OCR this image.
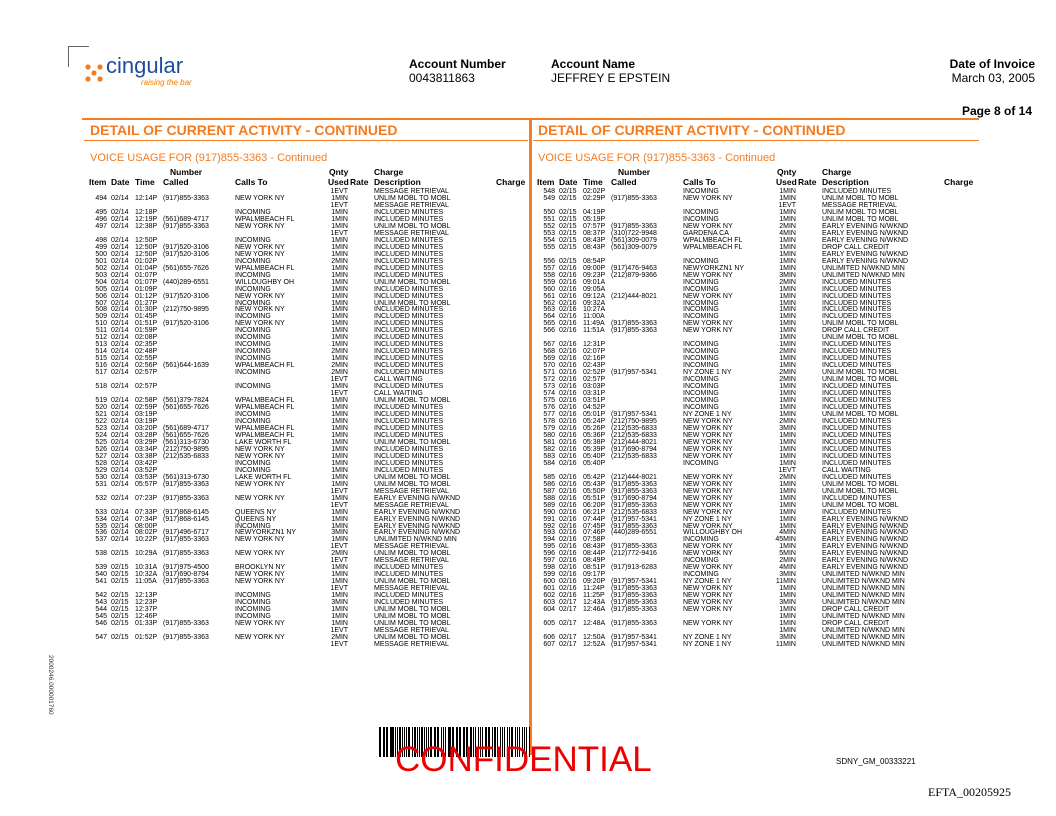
cingular
raising the bar
Account Number
0043811863
Account Name
JEFFREY E EPSTEIN
Date of Invoice
March 03, 2005
Page 8 of 14
DETAIL OF CURRENT ACTIVITY - CONTINUED	DETAIL OF CURRENT ACTIVITY - CONTINUED
VOICE USAGE FOR (917)855-3363 - Continued	VOICE USAGE FOR (917)855-3363 - Continued
Number	Qnty	Charge
Item Date Time Called	Calls To	Used Rate Description	Charge
Number	Qnty	Charge
Item Date Time Called	Calls To	Used Rate Description	Charge
1EVT	MESSAGE RETRIEVAL
494 02/14 12:14P (917)855-3363	NEW YORK NY	1MIN	UNLIM MOBL TO MOBL
1EVT	MESSAGE RETRIEVAL
495 02/14 12:18P	INCOMING	1MIN	INCLUDED MINUTES
496 02/14 12:19P (561)689-4717	WPALMBEACH FL	1MIN	INCLUDED MINUTES
497 02/14 12:38P (917)855-3363	NEW YORK NY	1MIN	UNLIM MOBL TO MOBL
1EVT	MESSAGE RETRIEVAL
498 02/14 12:50P	INCOMING	1MIN	INCLUDED MINUTES
499 02/14 12:50P (917)520-3106	NEW YORK NY	1MIN	INCLUDED MINUTES
500 02/14 12:50P (917)520-3106	NEW YORK NY	1MIN	INCLUDED MINUTES
501 02/14 01:02P	INCOMING	2MIN	INCLUDED MINUTES
502 02/14 01:04P (561)655-7626	WPALMBEACH FL	1MIN	INCLUDED MINUTES
503 02/14 01:07P	INCOMING	1MIN	INCLUDED MINUTES
504 02/14 01:07P (440)289-6551	WILLOUGHBY OH	1MIN	UNLIM MOBL TO MOBL
505 02/14 01:09P	INCOMING	1MIN	INCLUDED MINUTES
506 02/14 01:12P (917)520-3106	NEW YORK NY	1MIN	INCLUDED MINUTES
507 02/14 01:27P	INCOMING	1MIN	UNLIM MOBL TO MOBL
508 02/14 01:30P (212)750-9895	NEW YORK NY	1MIN	INCLUDED MINUTES
509 02/14 01:45P	INCOMING	1MIN	INCLUDED MINUTES
510 02/14 01:51P (917)520-3106	NEW YORK NY	1MIN	INCLUDED MINUTES
511 02/14 01:59P	INCOMING	1MIN	INCLUDED MINUTES
512 02/14 02:08P	INCOMING	1MIN	INCLUDED MINUTES
513 02/14 02:35P	INCOMING	1MIN	INCLUDED MINUTES
514 02/14 02:48P	INCOMING	2MIN	INCLUDED MINUTES
515 02/14 02:55P	INCOMING	1MIN	INCLUDED MINUTES
516 02/14 02:56P (561)644-1639	WPALMBEACH FL	2MIN	INCLUDED MINUTES
517 02/14 02:57P	INCOMING	2MIN	INCLUDED MINUTES
1EVT	CALL WAITING
518 02/14 02:57P	INCOMING	1MIN	INCLUDED MINUTES
1EVT	CALL WAITING
519 02/14 02:58P (561)379-7824	WPALMBEACH FL	1MIN	UNLIM MOBL TO MOBL
520 02/14 02:59P (561)655-7626	WPALMBEACH FL	1MIN	INCLUDED MINUTES
521 02/14 03:19P	INCOMING	1MIN	INCLUDED MINUTES
522 02/14 03:19P	INCOMING	1MIN	INCLUDED MINUTES
523 02/14 03:20P (561)689-4717	WPALMBEACH FL	1MIN	INCLUDED MINUTES
524 02/14 03:28P (561)655-7626	WPALMBEACH FL	1MIN	INCLUDED MINUTES
525 02/14 03:29P (561)313-6730	LAKE WORTH FL	1MIN	UNLIM MOBL TO MOBL
526 02/14 03:34P (212)750-9895	NEW YORK NY	1MIN	INCLUDED MINUTES
527 02/14 03:38P (212)535-6833	NEW YORK NY	1MIN	INCLUDED MINUTES
528 02/14 03:42P	INCOMING	1MIN	INCLUDED MINUTES
529 02/14 03:52P	INCOMING	1MIN	INCLUDED MINUTES
530 02/14 03:53P (561)313-6730	LAKE WORTH FL	1MIN	UNLIM MOBL TO MOBL
531 02/14 05:57P (917)855-3363	NEW YORK NY	1MIN	UNLIM MOBL TO MOBL
1EVT	MESSAGE RETRIEVAL
532 02/14 07:23P (917)855-3363	NEW YORK NY	1MIN	EARLY EVENING N/WKND
1EVT	MESSAGE RETRIEVAL
533 02/14 07:33P (917)868-6145	QUEENS NY	1MIN	EARLY EVENING N/WKND
534 02/14 07:34P (917)868-6145	QUEENS NY	1MIN	EARLY EVENING N/WKND
535 02/14 08:00P	INCOMING	1MIN	EARLY EVENING N/WKND
536 02/14 08:02P (917)496-6717	NEWYORKZN1 NY	3MIN	EARLY EVENING N/WKND
537 02/14 10:22P (917)855-3363	NEW YORK NY	1MIN	UNLIMITED N/WKND MIN
1EVT	MESSAGE RETRIEVAL
538 02/15 10:29A (917)855-3363	NEW YORK NY	2MIN	UNLIM MOBL TO MOBL
1EVT	MESSAGE RETRIEVAL
539 02/15 10:31A (917)975-4500	BROOKLYN NY	1MIN	INCLUDED MINUTES
540 02/15 10:32A (917)690-8794	NEW YORK NY	1MIN	INCLUDED MINUTES
541 02/15 11:05A (917)855-3363	NEW YORK NY	1MIN	UNLIM MOBL TO MOBL
1EVT	MESSAGE RETRIEVAL
542 02/15 12:13P	INCOMING	1MIN	INCLUDED MINUTES
543 02/15 12:23P	INCOMING	3MIN	INCLUDED MINUTES
544 02/15 12:37P	INCOMING	1MIN	UNLIM MOBL TO MOBL
545 02/15 12:46P	INCOMING	1MIN	UNLIM MOBL TO MOBL
546 02/15 01:33P (917)855-3363	NEW YORK NY	1MIN	UNLIM MOBL TO MOBL
1EVT	MESSAGE RETRIEVAL
547 02/15 01:52P (917)855-3363	NEW YORK NY	2MIN	UNLIM MOBL TO MOBL
1EVT	MESSAGE RETRIEVAL
548 02/15 02:02P	INCOMING	1MIN	INCLUDED MINUTES
549 02/15 02:29P (917)855-3363	NEW YORK NY	1MIN	UNLIM MOBL TO MOBL
1EVT	MESSAGE RETRIEVAL
550 02/15 04:19P	INCOMING	1MIN	UNLIM MOBL TO MOBL
551 02/15 05:19P	INCOMING	1MIN	UNLIM MOBL TO MOBL
552 02/15 07:57P (917)855-3363	NEW YORK NY	2MIN	EARLY EVENING N/WKND
553 02/15 08:37P (310)722-9948	GARDENA CA	4MIN	EARLY EVENING N/WKND
554 02/15 08:43P (561)309-0079	WPALMBEACH FL	1MIN	EARLY EVENING N/WKND
555 02/15 08:43P (561)309-0079	WPALMBEACH FL	1MIN	DROP CALL CREDIT
1MIN	EARLY EVENING N/WKND
556 02/15 08:54P	INCOMING	1MIN	EARLY EVENING N/WKND
557 02/16 09:00P (917)476-9463	NEWYORKZN1 NY	1MIN	UNLIMITED N/WKND MIN
558 02/16 09:23P (212)879-9366	NEW YORK NY	3MIN	UNLIMITED N/WKND MIN
559 02/16 09:01A	INCOMING	2MIN	INCLUDED MINUTES
560 02/16 09:05A	INCOMING	1MIN	INCLUDED MINUTES
561 02/16 09:12A (212)444-8021	NEW YORK NY	1MIN	INCLUDED MINUTES
562 02/16 09:32A	INCOMING	1MIN	INCLUDED MINUTES
563 02/16 10:27A	INCOMING	1MIN	INCLUDED MINUTES
564 02/16 11:00A	INCOMING	1MIN	INCLUDED MINUTES
565 02/16 11:49A (917)855-3363	NEW YORK NY	1MIN	UNLIM MOBL TO MOBL
566 02/16 11:51A (917)855-3363	NEW YORK NY	1MIN	DROP CALL CREDIT
1MIN	UNLIM MOBL TO MOBL
567 02/16 12:31P	INCOMING	1MIN	INCLUDED MINUTES
568 02/16 02:07P	INCOMING	2MIN	INCLUDED MINUTES
569 02/16 02:16P	INCOMING	1MIN	INCLUDED MINUTES
570 02/16 02:43P	INCOMING	1MIN	INCLUDED MINUTES
571 02/16 02:52P (917)957-5341	NY ZONE 1 NY	2MIN	UNLIM MOBL TO MOBL
572 02/16 02:57P	INCOMING	2MIN	UNLIM MOBL TO MOBL
573 02/16 03:03P	INCOMING	1MIN	INCLUDED MINUTES
574 02/16 03:31P	INCOMING	1MIN	INCLUDED MINUTES
575 02/16 03:51P	INCOMING	1MIN	INCLUDED MINUTES
576 02/16 04:52P	INCOMING	1MIN	INCLUDED MINUTES
577 02/16 05:01P (917)957-5341	NY ZONE 1 NY	1MIN	UNLIM MOBL TO MOBL
578 02/16 05:24P (212)750-9895	NEW YORK NY	2MIN	INCLUDED MINUTES
579 02/16 05:26P (212)535-6833	NEW YORK NY	3MIN	INCLUDED MINUTES
580 02/16 05:36P (212)535-6833	NEW YORK NY	1MIN	INCLUDED MINUTES
581 02/16 05:38P (212)444-8021	NEW YORK NY	1MIN	INCLUDED MINUTES
582 02/16 05:39P (917)690-8794	NEW YORK NY	1MIN	INCLUDED MINUTES
583 02/16 05:40P (212)535-6833	NEW YORK NY	1MIN	INCLUDED MINUTES
584 02/16 05:40P	INCOMING	1MIN	INCLUDED MINUTES
1EVT	CALL WAITING
585 02/16 05:42P (212)444-8021	NEW YORK NY	2MIN	INCLUDED MINUTES
586 02/16 05:43P (917)855-3363	NEW YORK NY	1MIN	UNLIM MOBL TO MOBL
587 02/16 05:50P (917)855-3363	NEW YORK NY	1MIN	UNLIM MOBL TO MOBL
588 02/16 05:51P (917)690-8794	NEW YORK NY	1MIN	INCLUDED MINUTES
589 02/16 06:20P (917)855-3363	NEW YORK NY	1MIN	UNLIM MOBL TO MOBL
590 02/16 06:21P (212)535-6833	NEW YORK NY	1MIN	INCLUDED MINUTES
591 02/16 07:44P (917)957-5341	NY ZONE 1 NY	1MIN	EARLY EVENING N/WKND
592 02/16 07:45P (917)855-3363	NEW YORK NY	1MIN	EARLY EVENING N/WKND
593 02/16 07:46P (440)289-6551	WILLOUGHBY OH	4MIN	EARLY EVENING N/WKND
594 02/16 07:58P	INCOMING	45MIN	EARLY EVENING N/WKND
595 02/16 08:43P (917)855-3363	NEW YORK NY	1MIN	EARLY EVENING N/WKND
596 02/16 08:44P (212)772-9416	NEW YORK NY	5MIN	EARLY EVENING N/WKND
597 02/16 08:49P	INCOMING	2MIN	EARLY EVENING N/WKND
598 02/16 08:51P (917)913-6283	NEW YORK NY	4MIN	EARLY EVENING N/WKND
599 02/16 09:17P	INCOMING	3MIN	UNLIMITED N/WKND MIN
600 02/16 09:20P (917)957-5341	NY ZONE 1 NY	11MIN	UNLIMITED N/WKND MIN
601 02/16 11:24P (917)855-3363	NEW YORK NY	1MIN	UNLIMITED N/WKND MIN
602 02/16 11:25P (917)855-3363	NEW YORK NY	1MIN	UNLIMITED N/WKND MIN
603 02/17 12:43A (917)855-3363	NEW YORK NY	3MIN	UNLIMITED N/WKND MIN
604 02/17 12:46A (917)855-3363	NEW YORK NY	1MIN	DROP CALL CREDIT
1MIN	UNLIMITED N/WKND MIN
605 02/17 12:48A (917)855-3363	NEW YORK NY	1MIN	DROP CALL CREDIT
1MIN	UNLIMITED N/WKND MIN
606 02/17 12:50A (917)957-5341	NY ZONE 1 NY	3MIN	UNLIMITED N/WKND MIN
607 02/17 12:52A (917)957-5341	NY ZONE 1 NY	11MIN	UNLIMITED N/WKND MIN
CONFIDENTIAL	SDNY_GM_00333221
EFTA_00205925
2000246.000001760
